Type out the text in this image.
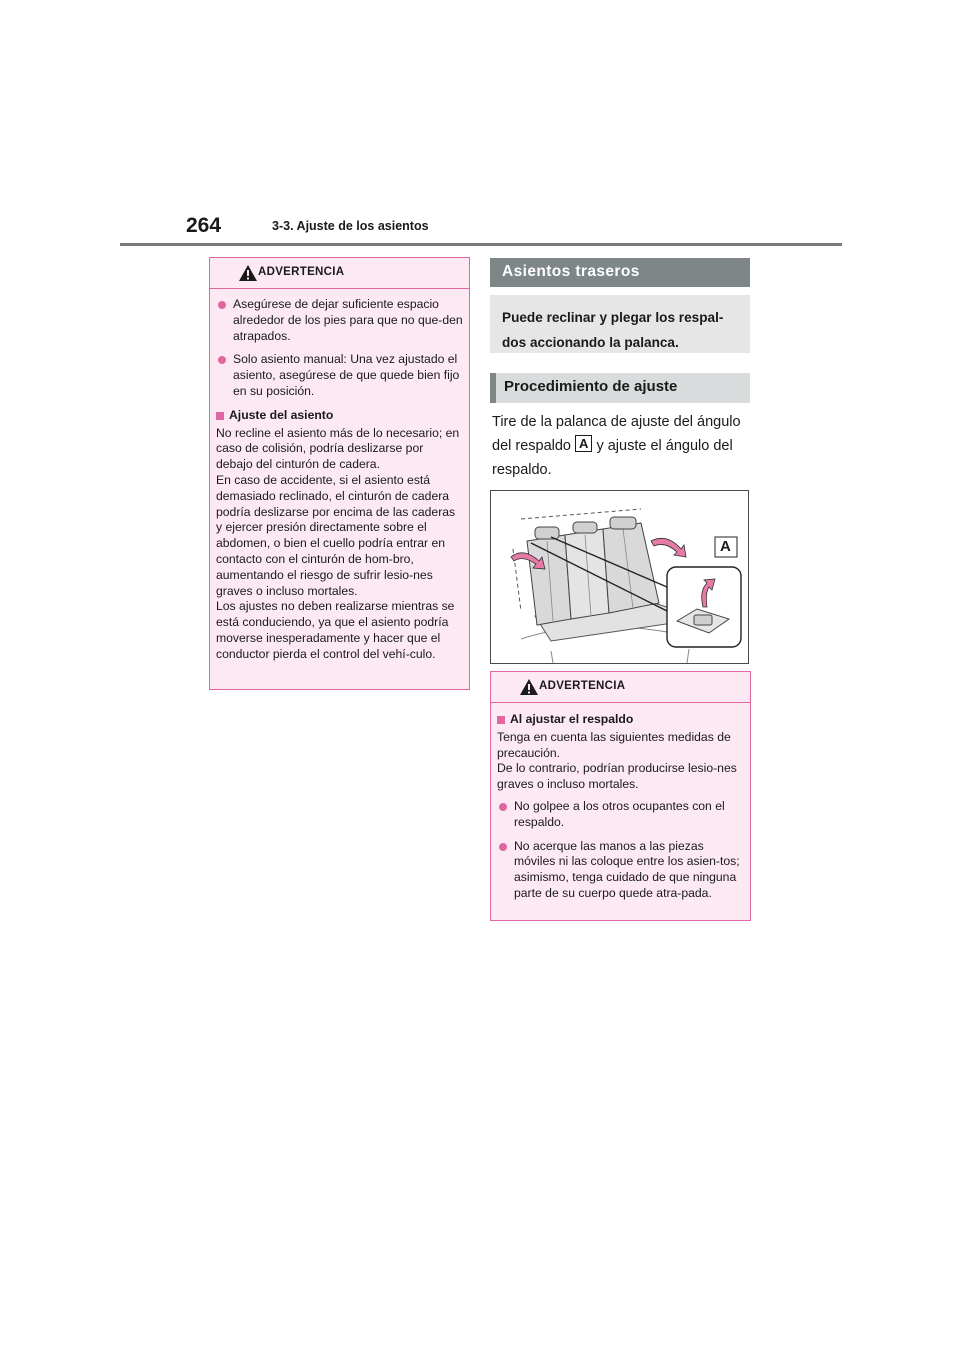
264	3-3. Ajuste de los asientos
ADVERTENCIA
Asegúrese de dejar suficiente espacio alrededor de los pies para que no que-den atrapados.
Solo asiento manual: Una vez ajustado el asiento, asegúrese de que quede bien fijo en su posición.
Ajuste del asiento
No recline el asiento más de lo necesario; en caso de colisión, podría deslizarse por debajo del cinturón de cadera.
En caso de accidente, si el asiento está demasiado reclinado, el cinturón de cadera podría deslizarse por encima de las caderas y ejercer presión directamente sobre el abdomen, o bien el cuello podría entrar en contacto con el cinturón de hom-bro, aumentando el riesgo de sufrir lesio-nes graves o incluso mortales.
Los ajustes no deben realizarse mientras se está conduciendo, ya que el asiento podría moverse inesperadamente y hacer que el conductor pierda el control del vehí-culo.
Asientos traseros

Puede reclinar y plegar los respal-
dos accionando la palanca.

Procedimiento de ajuste
Tire de la palanca de ajuste del ángulo
del respaldo A y ajuste el ángulo del
respaldo.
A
ADVERTENCIA
Al ajustar el respaldo
Tenga en cuenta las siguientes medidas de precaución.
De lo contrario, podrían producirse lesio-nes graves o incluso mortales.
No golpee a los otros ocupantes con el respaldo.
No acerque las manos a las piezas móviles ni las coloque entre los asien-tos; asimismo, tenga cuidado de que ninguna parte de su cuerpo quede atra-pada.
